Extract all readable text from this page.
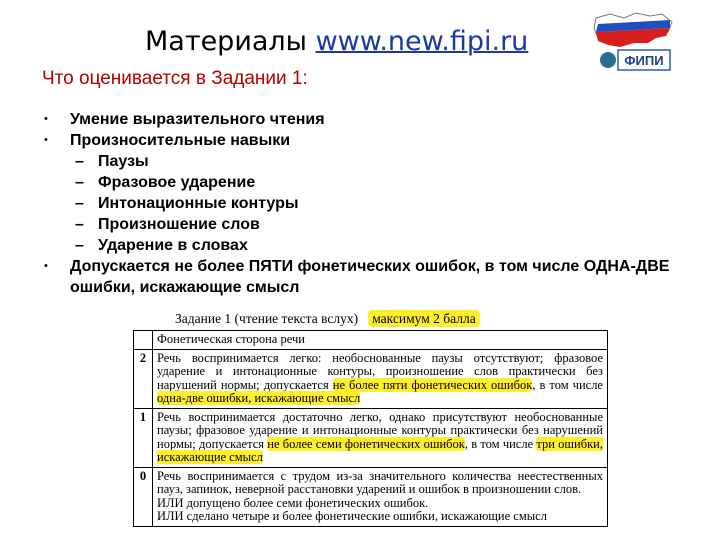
Материалы www.new.fipi.ru
ФИПИ
Что оценивается в Задании 1:
• Умение выразительного чтения
• Произносительные навыки
– Паузы
– Фразовое ударение
– Интонационные контуры
– Произношение слов
– Ударение в словах
• Допускается не более ПЯТИ фонетических ошибок, в том числе ОДНА-ДВЕ ошибки, искажающие смысл
Задание 1 (чтение текста вслух) максимум 2 балла
	Фонетическая сторона речи
2	Речь воспринимается легко: необоснованные паузы отсутствуют; фразовое ударение и интонационные контуры, произношение слов практически без нарушений нормы; допускается не более пяти фонетических ошибок, в том числе одна-две ошибки, искажающие смысл
1	Речь воспринимается достаточно легко, однако присутствуют необоснованные паузы; фразовое ударение и интонационные контуры практически без нарушений нормы; допускается не более семи фонетических ошибок, в том числе три ошибки, искажающие смысл
0	Речь воспринимается с трудом из-за значительного количества неестественных пауз, запинок, неверной расстановки ударений и ошибок в произношении слов.
ИЛИ допущено более семи фонетических ошибок.
ИЛИ сделано четыре и более фонетические ошибки, искажающие смысл
